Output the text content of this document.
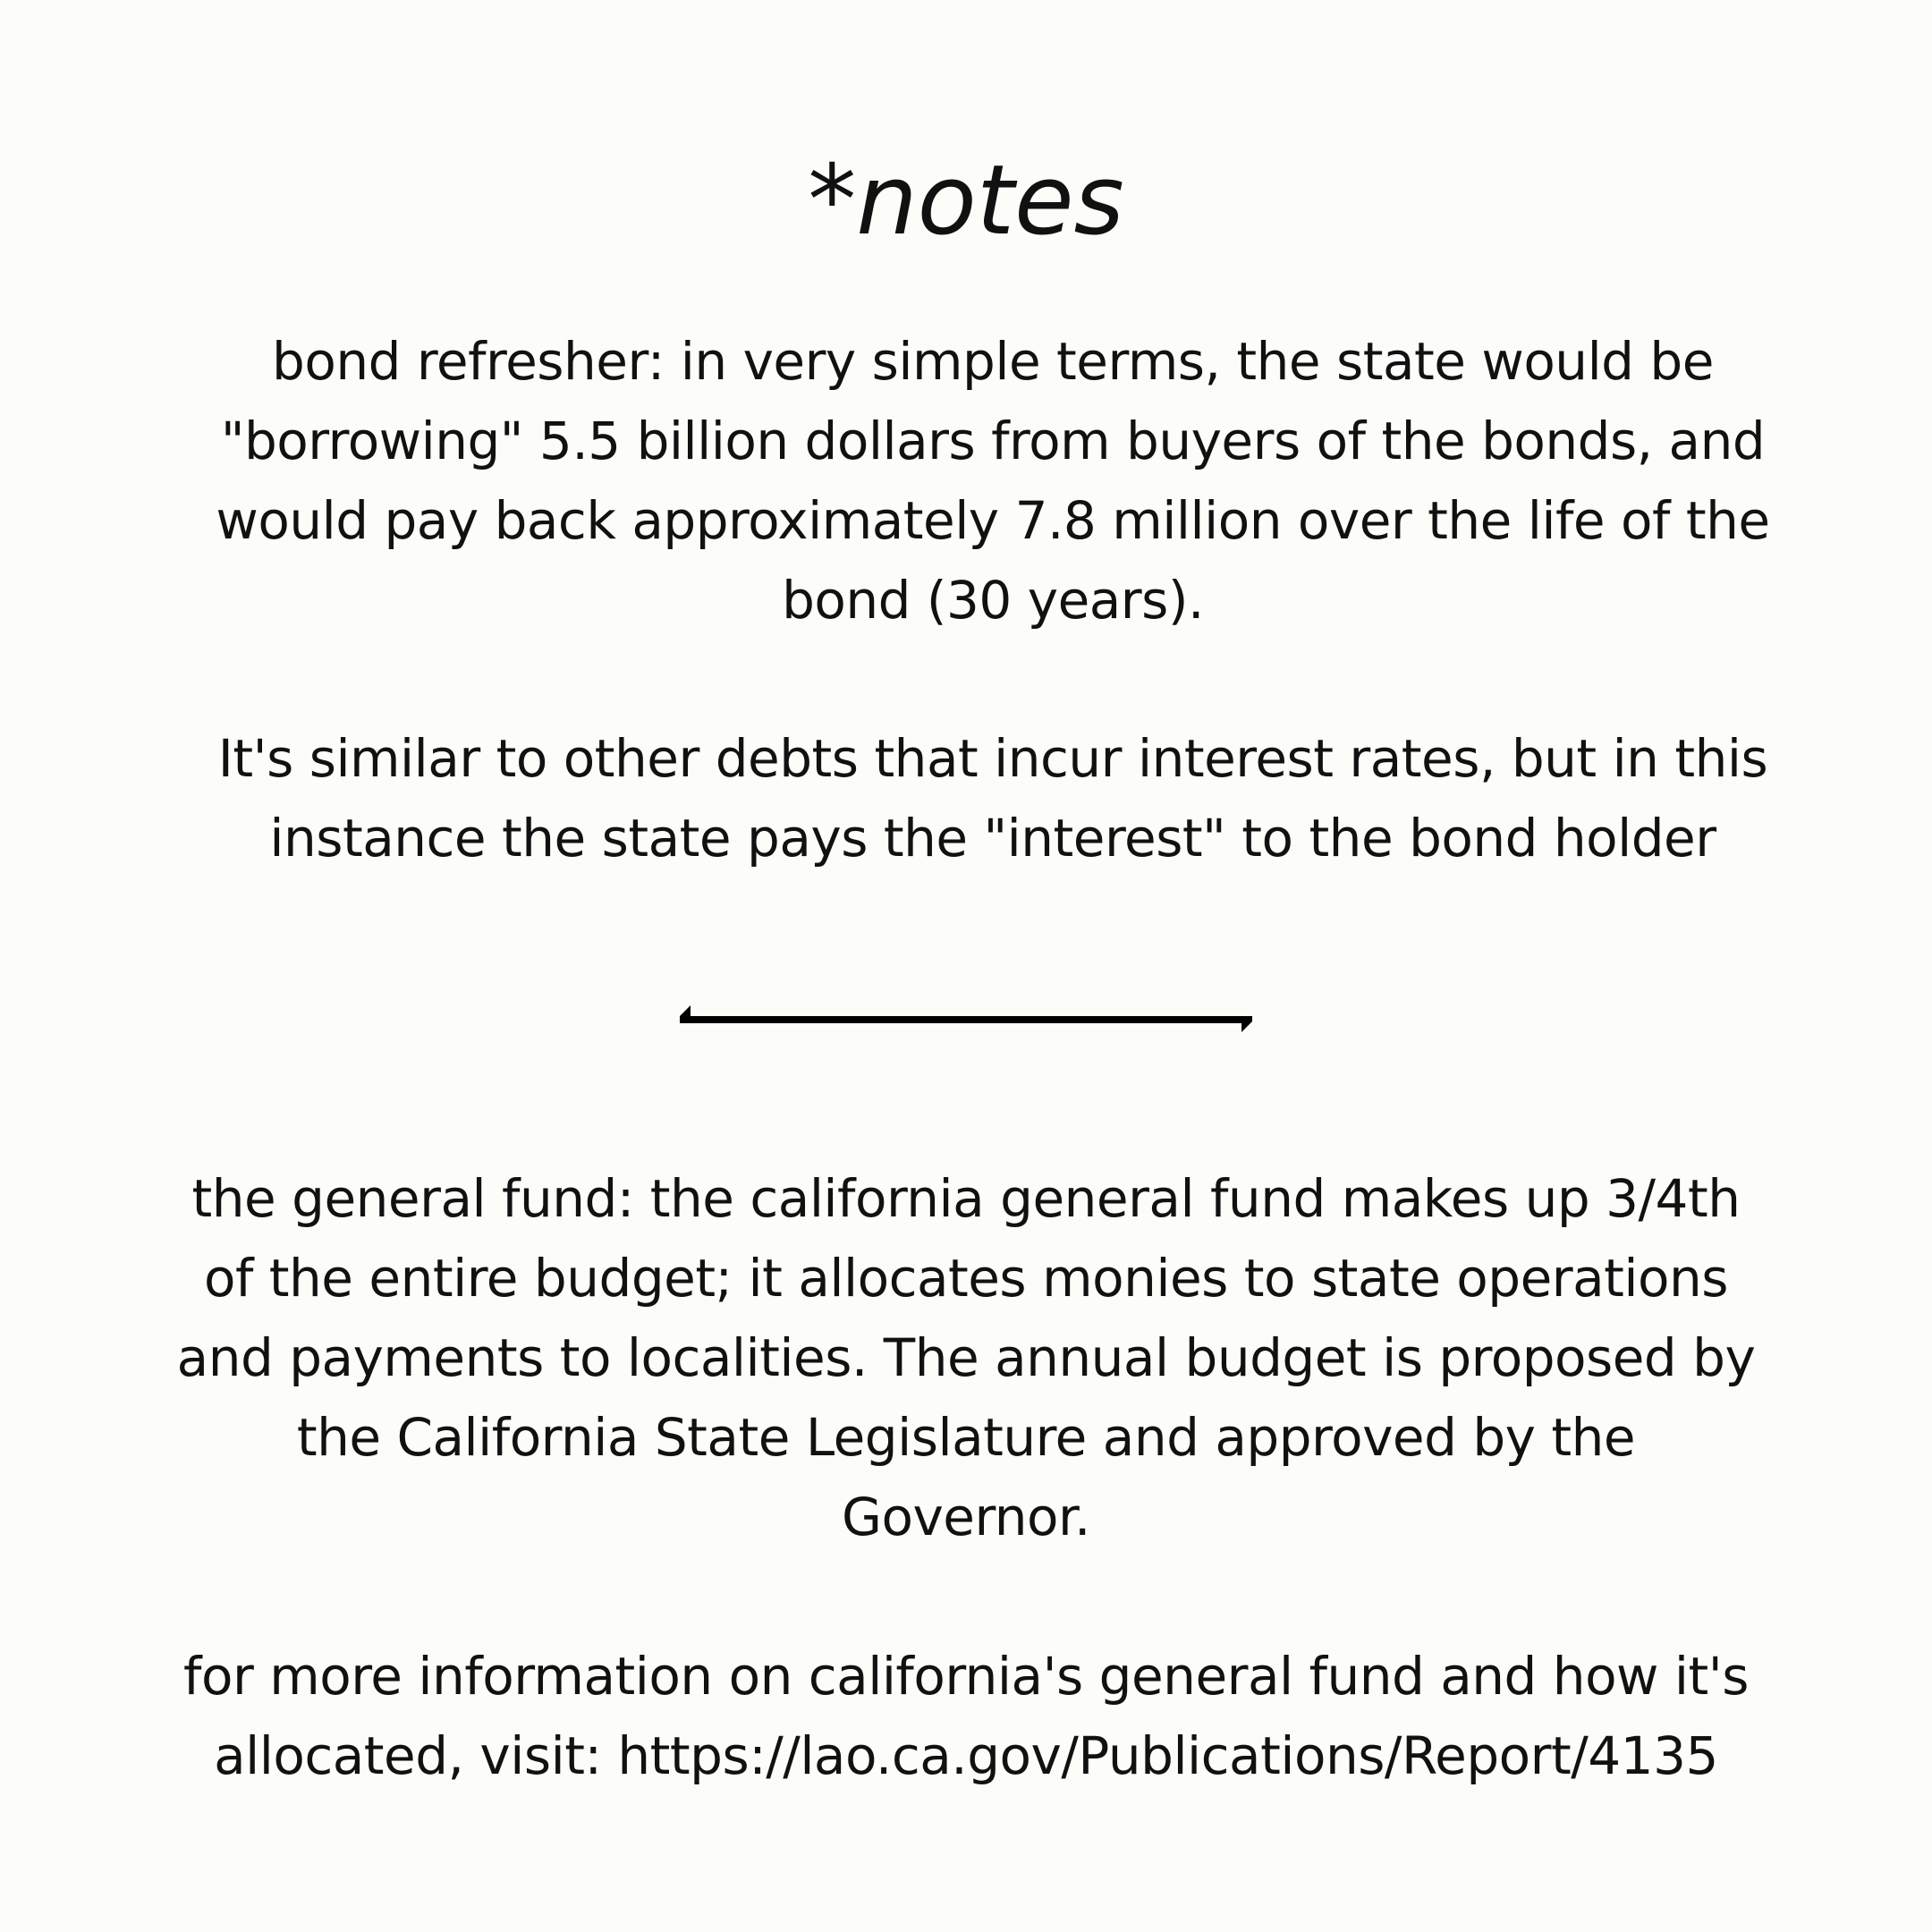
*notes
bond refresher: in very simple terms, the state would be
"borrowing" 5.5 billion dollars from buyers of the bonds, and
would pay back approximately 7.8 million over the life of the
bond (30 years).
It's similar to other debts that incur interest rates, but in this
instance the state pays the "interest" to the bond holder
the general fund: the california general fund makes up 3/4th
of the entire budget; it allocates monies to state operations
and payments to localities. The annual budget is proposed by
the California State Legislature and approved by the
Governor.
for more information on california's general fund and how it's
allocated, visit: https://lao.ca.gov/Publications/Report/4135
